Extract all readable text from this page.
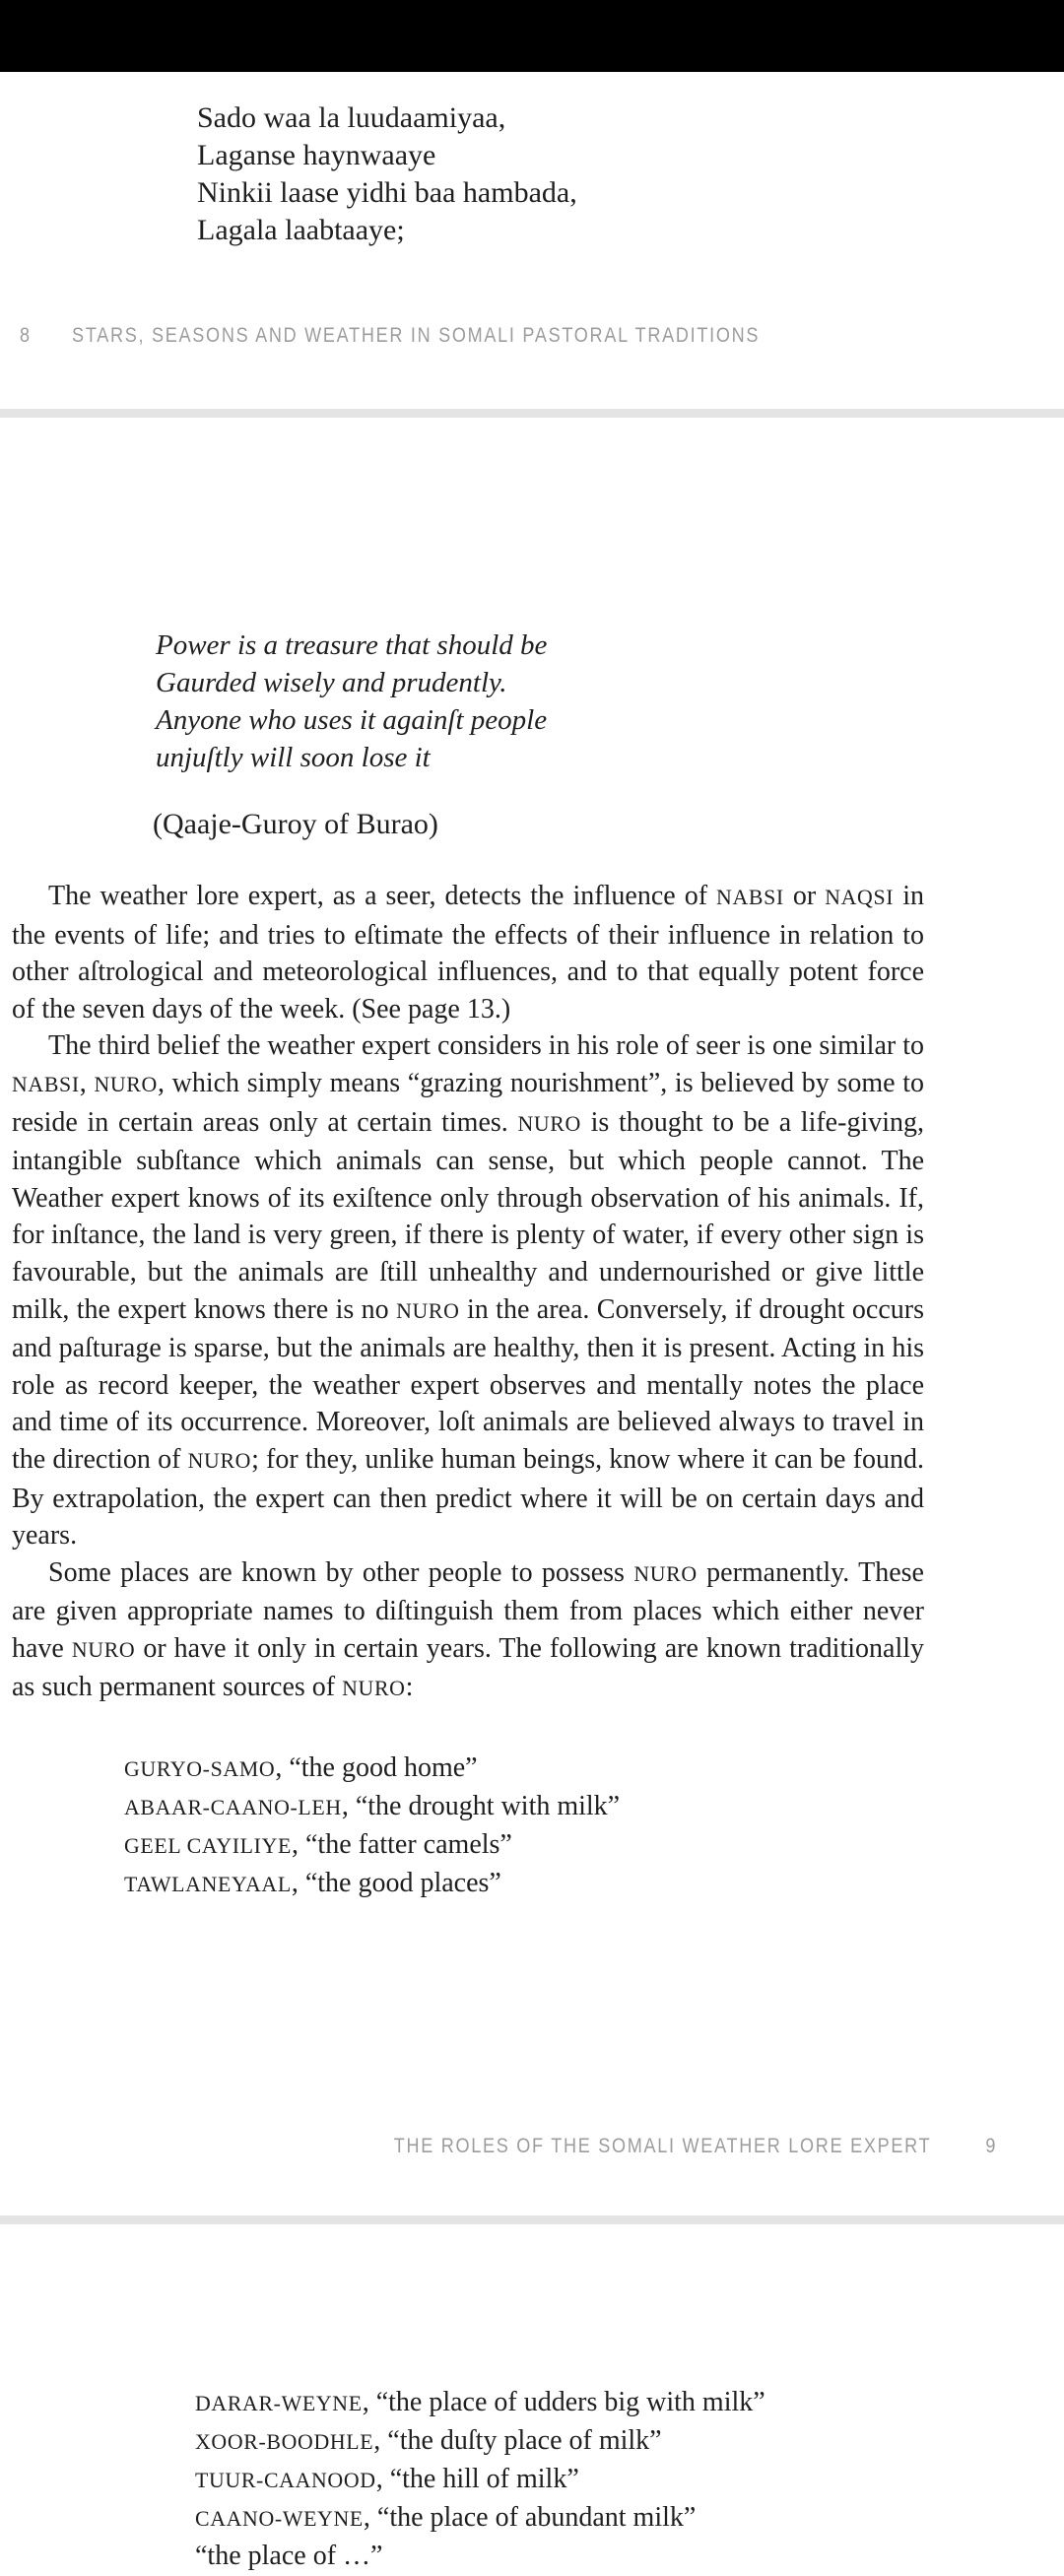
Sado waa la luudaamiyaa,
Laganse haynwaaye
Ninkii laase yidhi baa hambada,
Lagala laabtaaye;
8 STARS, SEASONS AND WEATHER IN SOMALI PASTORAL TRADITIONS
Power is a treasure that should be
Gaurded wisely and prudently.
Anyone who uses it againſt people
unjuſtly will soon lose it
(Qaaje-Guroy of Burao)

The weather lore expert, as a seer, detects the influence of NABSI or NAQSI in the events of life; and tries to eſtimate the effects of their influence in relation to other aſtrological and meteorological influences, and to that equally potent force of the seven days of the week. (See page 13.)

The third belief the weather expert considers in his role of seer is one similar to NABSI, NURO, which simply means “grazing nourishment”, is believed by some to reside in certain areas only at certain times. NURO is thought to be a life-giving, intangible subſtance which animals can sense, but which people cannot. The Weather expert knows of its exiſtence only through observation of his animals. If, for inſtance, the land is very green, if there is plenty of water, if every other sign is favourable, but the animals are ſtill unhealthy and undernourished or give little milk, the expert knows there is no NURO in the area. Conversely, if drought occurs and paſturage is sparse, but the animals are healthy, then it is present. Acting in his role as record keeper, the weather expert observes and mentally notes the place and time of its occurrence. Moreover, loſt animals are believed always to travel in the direction of NURO; for they, unlike human beings, know where it can be found. By extrapolation, the expert can then predict where it will be on certain days and years.

Some places are known by other people to possess NURO permanently. These are given appropriate names to diſtinguish them from places which either never have NURO or have it only in certain years. The following are known traditionally as such permanent sources of NURO:

GURYO-SAMO, “the good home”
ABAAR-CAANO-LEH, “the drought with milk”
GEEL CAYILIYE, “the fatter camels”
TAWLANEYAAL, “the good places”
THE ROLES OF THE SOMALI WEATHER LORE EXPERT	9
DARAR-WEYNE, “the place of udders big with milk”
XOOR-BOODHLE, “the duſty place of milk”
TUUR-CAANOOD, “the hill of milk”
CAANO-WEYNE, “the place of abundant milk”
“the place of …”
